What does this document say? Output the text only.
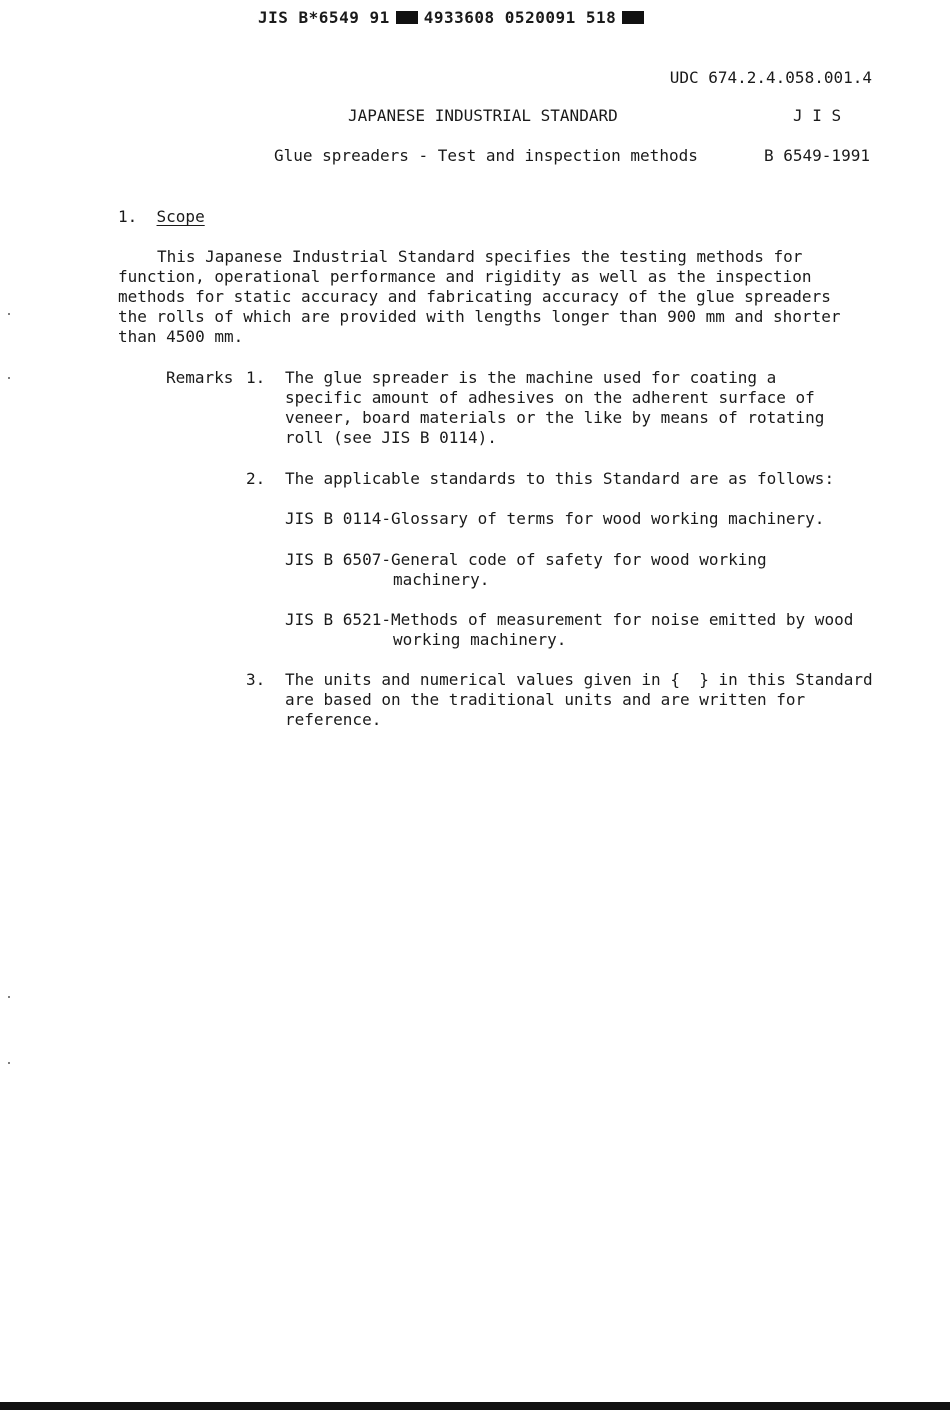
JIS B*6549 91 4933608 0520091 518
UDC 674.2.4.058.001.4
JAPANESE INDUSTRIAL STANDARD	J I S
Glue spreaders - Test and inspection methods	B 6549-1991
1. Scope
This Japanese Industrial Standard specifies the testing methods for
function, operational performance and rigidity as well as the inspection
methods for static accuracy and fabricating accuracy of the glue spreaders
the rolls of which are provided with lengths longer than 900 mm and shorter
than 4500 mm.
Remarks 1. The glue spreader is the machine used for coating a
specific amount of adhesives on the adherent surface of
veneer, board materials or the like by means of rotating
roll (see JIS B 0114).
2. The applicable standards to this Standard are as follows:
JIS B 0114-Glossary of terms for wood working machinery.
JIS B 6507-General code of safety for wood working
machinery.
JIS B 6521-Methods of measurement for noise emitted by wood
working machinery.
3. The units and numerical values given in {  } in this Standard
are based on the traditional units and are written for
reference.
